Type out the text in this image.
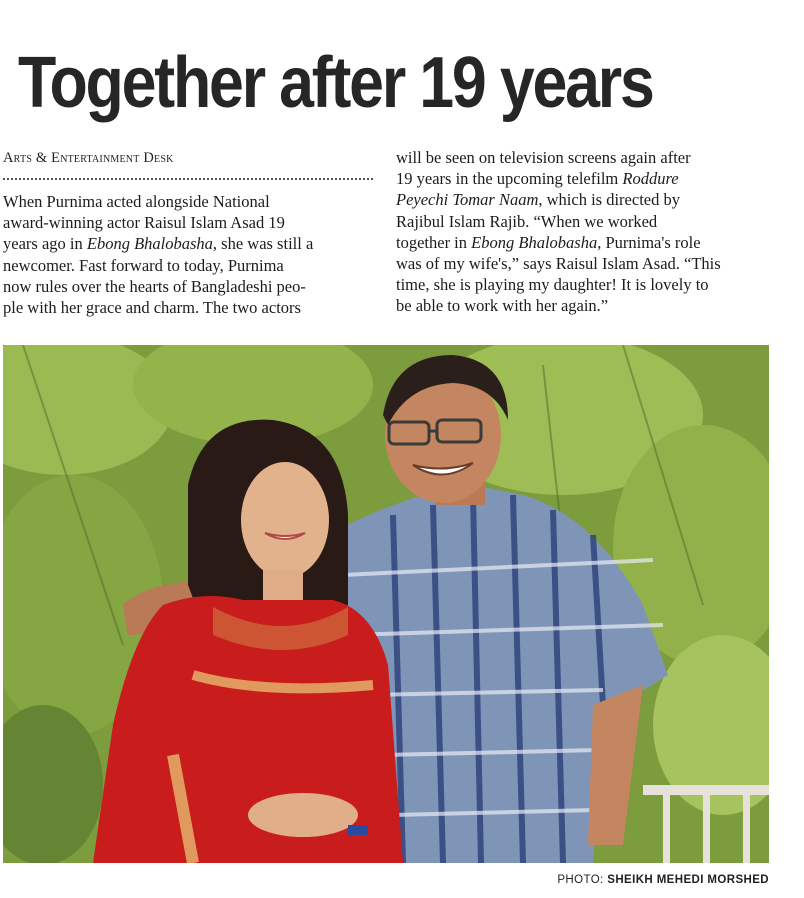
Together after 19 years
Arts & Entertainment Desk

When Purnima acted alongside National

award-winning actor Raisul Islam Asad 19

years ago in Ebong Bhalobasha, she was still a

newcomer. Fast forward to today, Purnima

now rules over the hearts of Bangladeshi peo-

ple with her grace and charm. The two actors

will be seen on television screens again after

19 years in the upcoming telefilm Roddure

Peyechi Tomar Naam, which is directed by

Rajibul Islam Rajib. “When we worked

together in Ebong Bhalobasha, Purnima's role

was of my wife's,” says Raisul Islam Asad. “This

time, she is playing my daughter! It is lovely to

be able to work with her again.”

PHOTO: SHEIKH MEHEDI MORSHED
